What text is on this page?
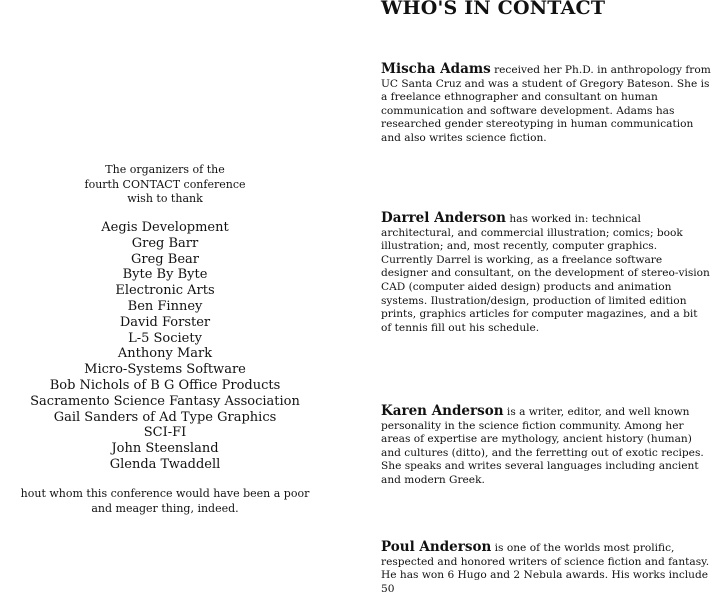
The organizers of the
fourth CONTACT conference
wish to thank
Aegis Development
Greg Barr
Greg Bear
Byte By Byte
Electronic Arts
Ben Finney
David Forster
L-5 Society
Anthony Mark
Micro-Systems Software
Bob Nichols of B G Office Products
Sacramento Science Fantasy Association
Gail Sanders of Ad Type Graphics
SCI-FI
John Steensland
Glenda Twaddell
hout whom this conference would have been a poor
and meager thing, indeed.
WHO'S IN CONTACT

Mischa Adams received her Ph.D. in anthropology from UC Santa Cruz and was a student of Gregory Bateson. She is a freelance ethnographer and consultant on human communication and software development. Adams has researched gender stereotyping in human communication and also writes science fiction.

Darrel Anderson has worked in: technical architectural, and commercial illustration; comics; book illustration; and, most recently, computer graphics. Currently Darrel is working, as a freelance software designer and consultant, on the development of stereo-vision CAD (computer aided design) products and animation systems. Ilustration/design, production of limited edition prints, graphics articles for computer magazines, and a bit of tennis fill out his schedule.

Karen Anderson is a writer, editor, and well known personality in the science fiction community. Among her areas of expertise are mythology, ancient history (human) and cultures (ditto), and the ferretting out of exotic recipes. She speaks and writes several languages including ancient and modern Greek.

Poul Anderson is one of the worlds most prolific, respected and honored writers of science fiction and fantasy. He has won 6 Hugo and 2 Nebula awards. His works include 50
